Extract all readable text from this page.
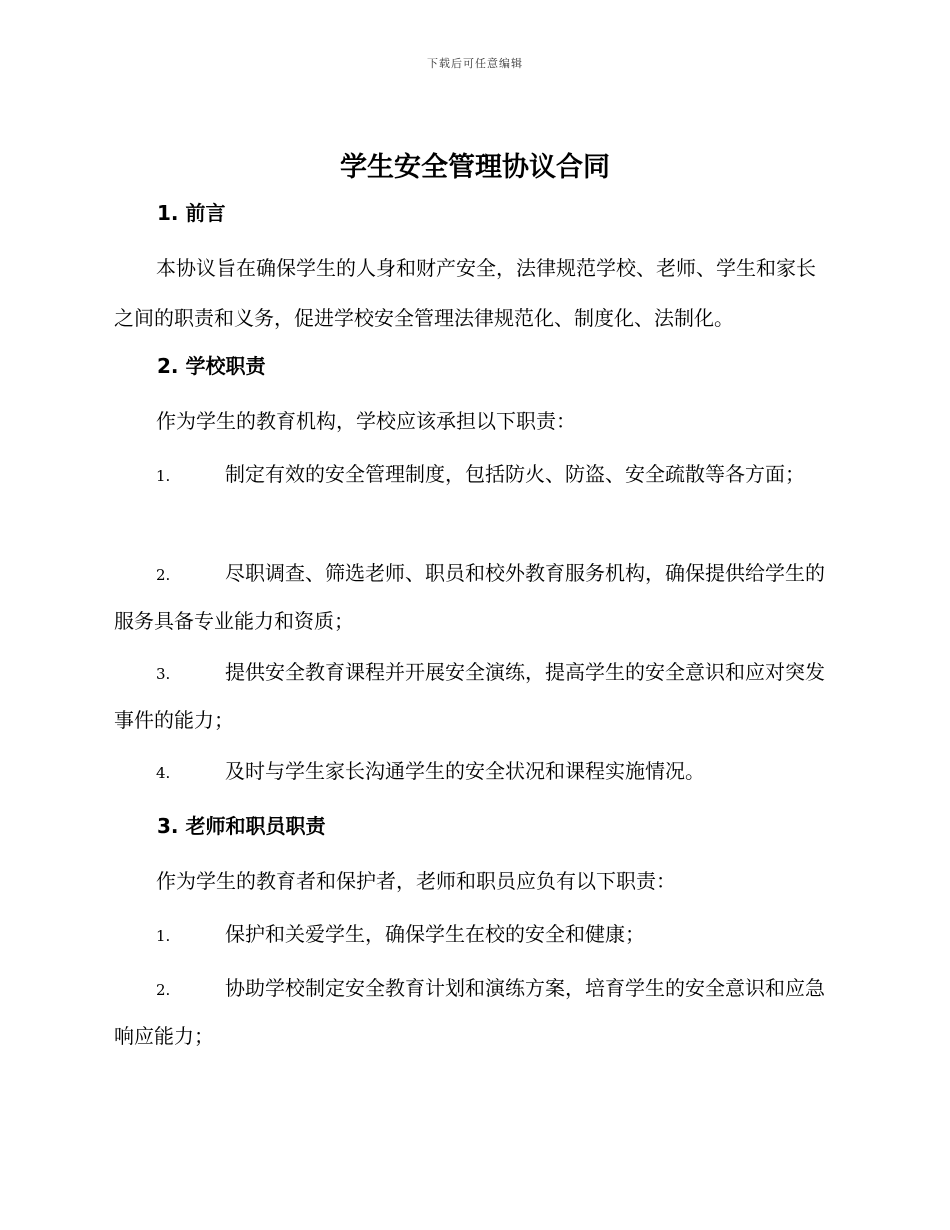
下载后可任意编辑
学生安全管理协议合同
1. 前言
本协议旨在确保学生的人身和财产安全，法律规范学校、老师、学生和家长之间的职责和义务，促进学校安全管理法律规范化、制度化、法制化。
2. 学校职责
作为学生的教育机构，学校应该承担以下职责：
1.	制定有效的安全管理制度，包括防火、防盗、安全疏散等各方面；
2.	尽职调查、筛选老师、职员和校外教育服务机构，确保提供给学生的服务具备专业能力和资质；
3.	提供安全教育课程并开展安全演练，提高学生的安全意识和应对突发事件的能力；
4.	及时与学生家长沟通学生的安全状况和课程实施情况。
3. 老师和职员职责
作为学生的教育者和保护者，老师和职员应负有以下职责：
1.	保护和关爱学生，确保学生在校的安全和健康；
2.	协助学校制定安全教育计划和演练方案，培育学生的安全意识和应急响应能力；
